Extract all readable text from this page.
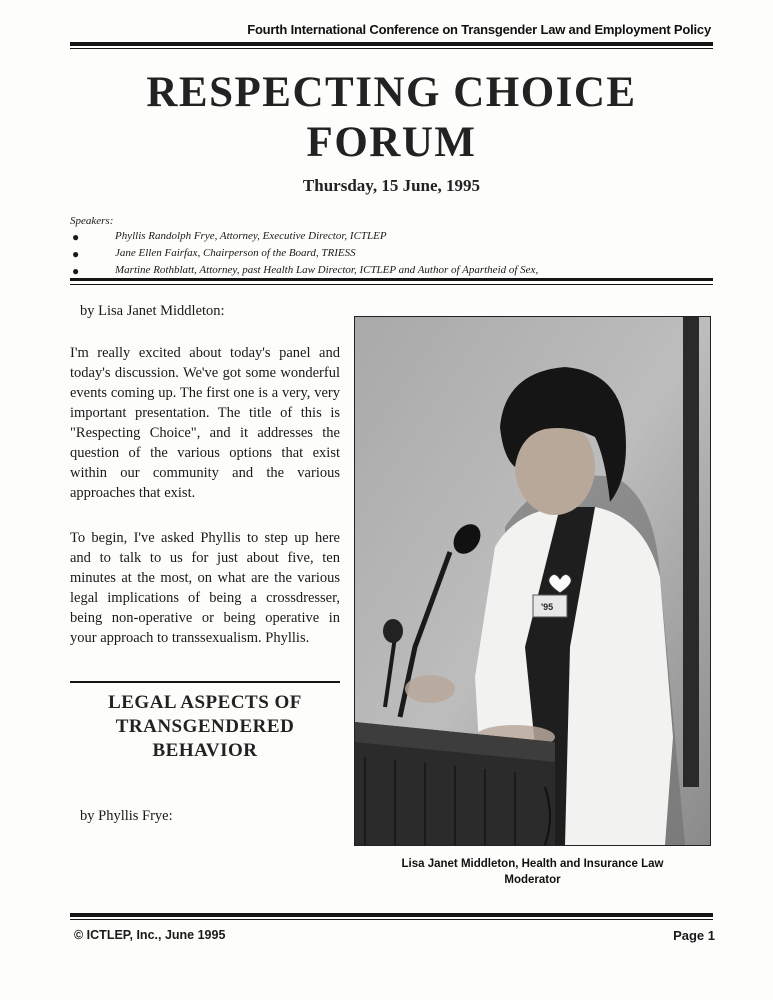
Fourth International Conference on Transgender Law and Employment Policy
RESPECTING CHOICE
FORUM
Thursday, 15 June, 1995
Speakers:
●	Phyllis Randolph Frye, Attorney, Executive Director, ICTLEP
●	Jane Ellen Fairfax, Chairperson of the Board, TRIESS
●	Martine Rothblatt, Attorney, past Health Law Director, ICTLEP and Author of Apartheid of Sex,
by Lisa Janet Middleton:
I'm really excited about today's panel and today's discussion. We've got some wonderful events coming up. The first one is a very, very important presentation. The title of this is "Respecting Choice", and it addresses the question of the various options that exist within our community and the various approaches that exist.
To begin, I've asked Phyllis to step up here and to talk to us for just about five, ten minutes at the most, on what are the various legal implications of being a crossdresser, being non-operative or being operative in your approach to transsexualism. Phyllis.
LEGAL ASPECTS OF
TRANSGENDERED
BEHAVIOR
by Phyllis Frye:
'95
Lisa Janet Middleton, Health and Insurance Law
Moderator
© ICTLEP, Inc., June 1995	Page 1
